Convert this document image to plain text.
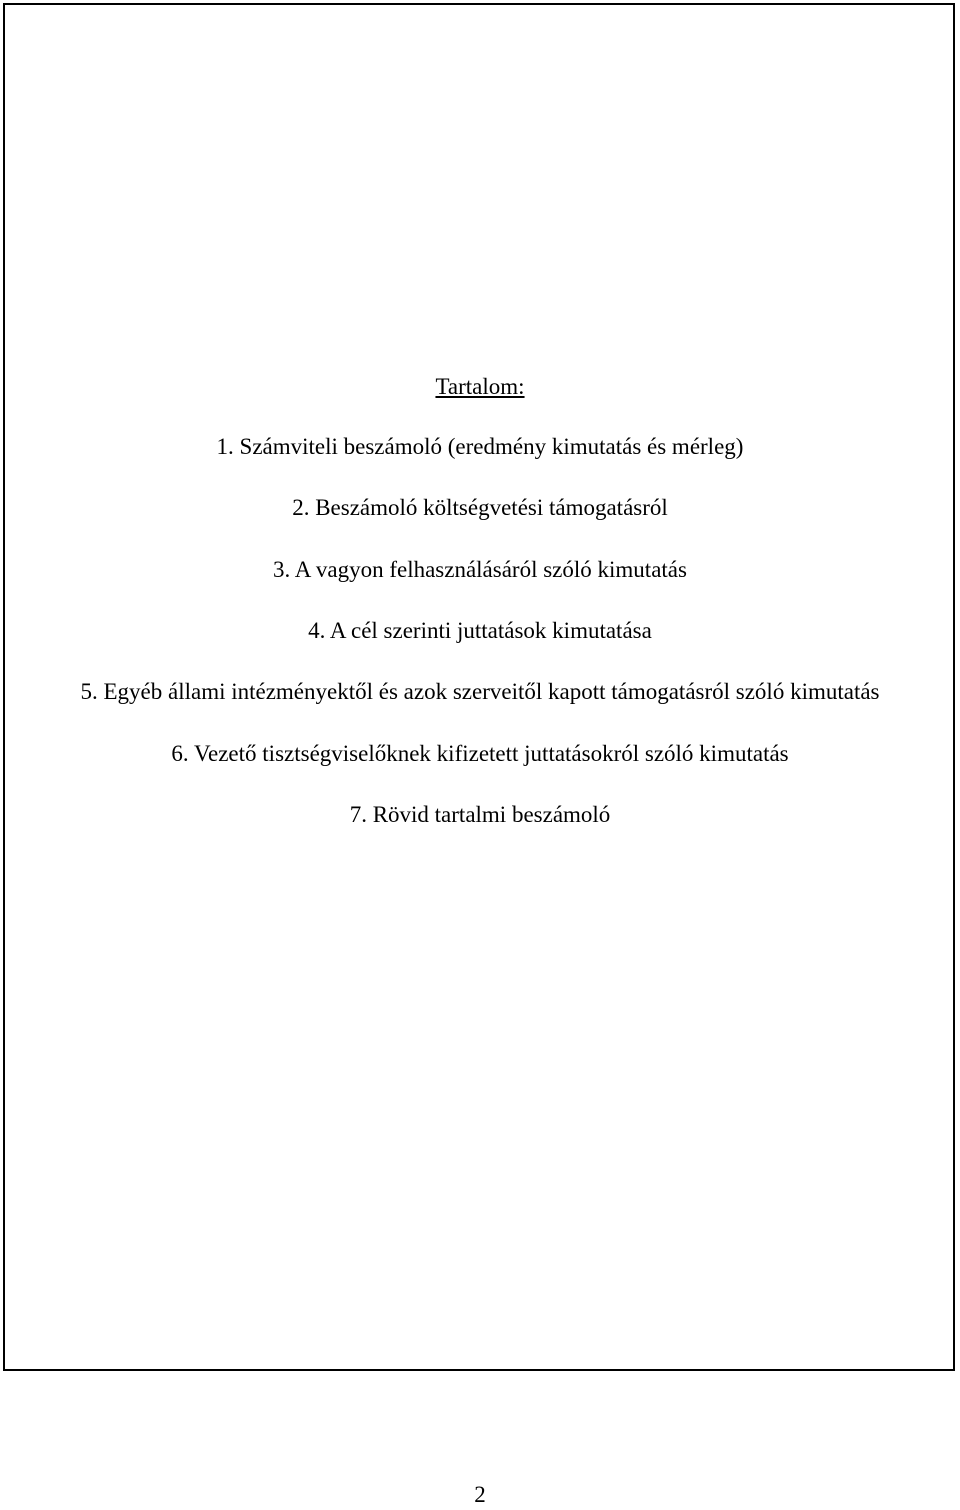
Tartalom:
1. Számviteli beszámoló (eredmény kimutatás és mérleg)
2. Beszámoló költségvetési támogatásról
3. A vagyon felhasználásáról szóló kimutatás
4. A cél szerinti juttatások kimutatása
5. Egyéb állami intézményektől és azok szerveitől kapott támogatásról szóló kimutatás
6. Vezető tisztségviselőknek kifizetett juttatásokról szóló kimutatás
7. Rövid tartalmi beszámoló
2
